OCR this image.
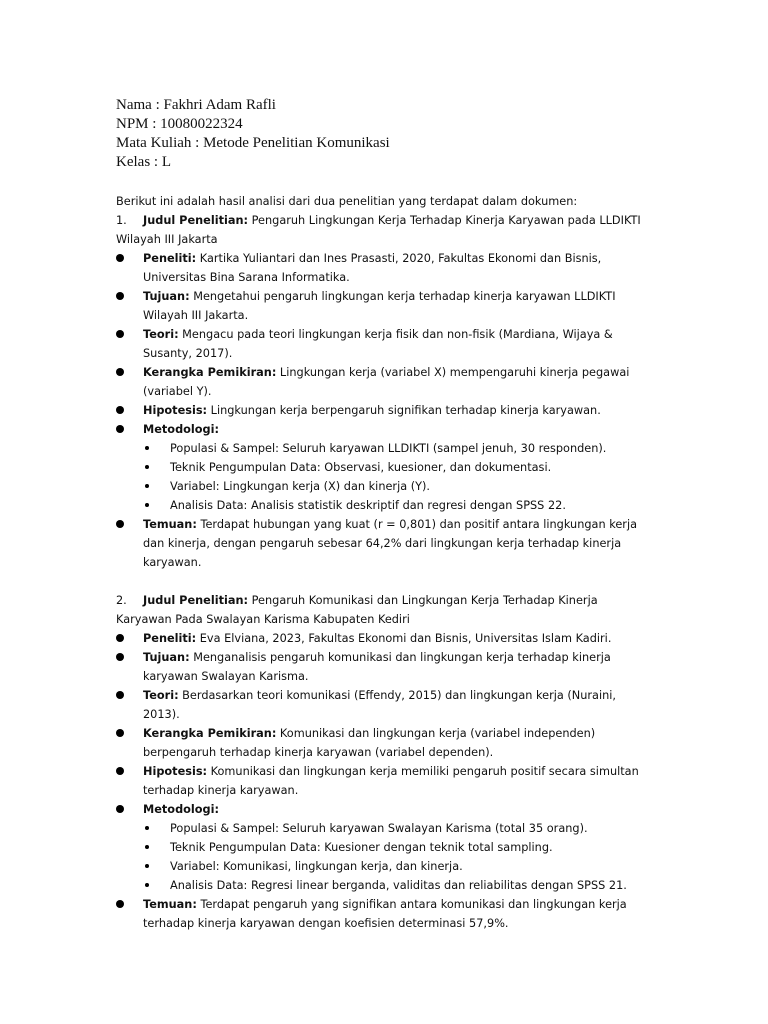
Nama : Fakhri Adam Rafli

NPM : 10080022324

Mata Kuliah : Metode Penelitian Komunikasi

Kelas : L

Berikut ini adalah hasil analisi dari dua penelitian yang terdapat dalam dokumen:

1. Judul Penelitian: Pengaruh Lingkungan Kerja Terhadap Kinerja Karyawan pada LLDIKTI Wilayah III Jakarta

Peneliti: Kartika Yuliantari dan Ines Prasasti, 2020, Fakultas Ekonomi dan Bisnis, Universitas Bina Sarana Informatika.
Tujuan: Mengetahui pengaruh lingkungan kerja terhadap kinerja karyawan LLDIKTI Wilayah III Jakarta.
Teori: Mengacu pada teori lingkungan kerja fisik dan non-fisik (Mardiana, Wijaya & Susanty, 2017).
Kerangka Pemikiran: Lingkungan kerja (variabel X) mempengaruhi kinerja pegawai (variabel Y).
Hipotesis: Lingkungan kerja berpengaruh signifikan terhadap kinerja karyawan.
Metodologi:
Populasi & Sampel: Seluruh karyawan LLDIKTI (sampel jenuh, 30 responden).
Teknik Pengumpulan Data: Observasi, kuesioner, dan dokumentasi.
Variabel: Lingkungan kerja (X) dan kinerja (Y).
Analisis Data: Analisis statistik deskriptif dan regresi dengan SPSS 22.
Temuan: Terdapat hubungan yang kuat (r = 0,801) dan positif antara lingkungan kerja dan kinerja, dengan pengaruh sebesar 64,2% dari lingkungan kerja terhadap kinerja karyawan.

2. Judul Penelitian: Pengaruh Komunikasi dan Lingkungan Kerja Terhadap Kinerja Karyawan Pada Swalayan Karisma Kabupaten Kediri

Peneliti: Eva Elviana, 2023, Fakultas Ekonomi dan Bisnis, Universitas Islam Kadiri.
Tujuan: Menganalisis pengaruh komunikasi dan lingkungan kerja terhadap kinerja karyawan Swalayan Karisma.
Teori: Berdasarkan teori komunikasi (Effendy, 2015) dan lingkungan kerja (Nuraini, 2013).
Kerangka Pemikiran: Komunikasi dan lingkungan kerja (variabel independen) berpengaruh terhadap kinerja karyawan (variabel dependen).
Hipotesis: Komunikasi dan lingkungan kerja memiliki pengaruh positif secara simultan terhadap kinerja karyawan.
Metodologi:
Populasi & Sampel: Seluruh karyawan Swalayan Karisma (total 35 orang).
Teknik Pengumpulan Data: Kuesioner dengan teknik total sampling.
Variabel: Komunikasi, lingkungan kerja, dan kinerja.
Analisis Data: Regresi linear berganda, validitas dan reliabilitas dengan SPSS 21.
Temuan: Terdapat pengaruh yang signifikan antara komunikasi dan lingkungan kerja terhadap kinerja karyawan dengan koefisien determinasi 57,9%.
